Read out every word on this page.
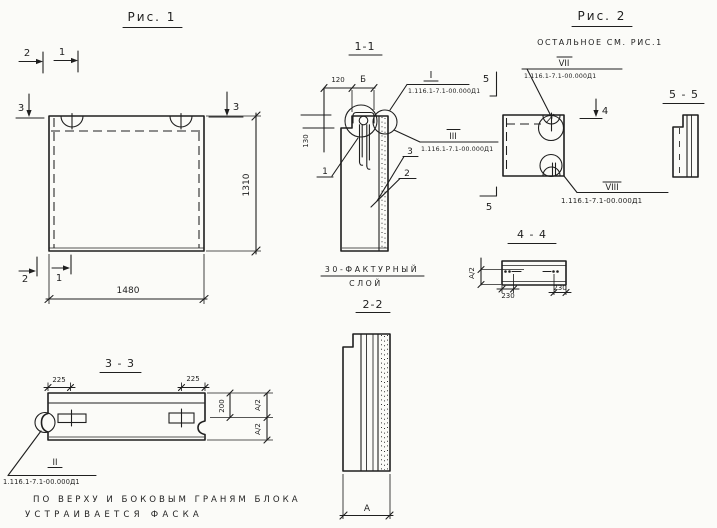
Рис. 1
2	1
3	3
2	1
1480
1310
1-1
120 Б
130
I
1.116.1-7.1-00.000Д1
III
1.116.1-7.1-00.000Д1
3
2
1
30-ФАКТУРНЫЙ
СЛОЙ
2-2
А
Рис. 2
ОСТАЛЬНОЕ СМ. РИС.1
VII
1.116.1-7.1-00.000Д1
4
5
5
VIII
1.116.1-7.1-00.000Д1
5 - 5
4 - 4
230
230
А/2
3 - 3
225	225
200	А/2
А/2
II
1.116.1-7.1-00.000Д1
ПО ВЕРХУ И БОКОВЫМ ГРАНЯМ БЛОКА
УСТРАИВАЕТСЯ ФАСКА
